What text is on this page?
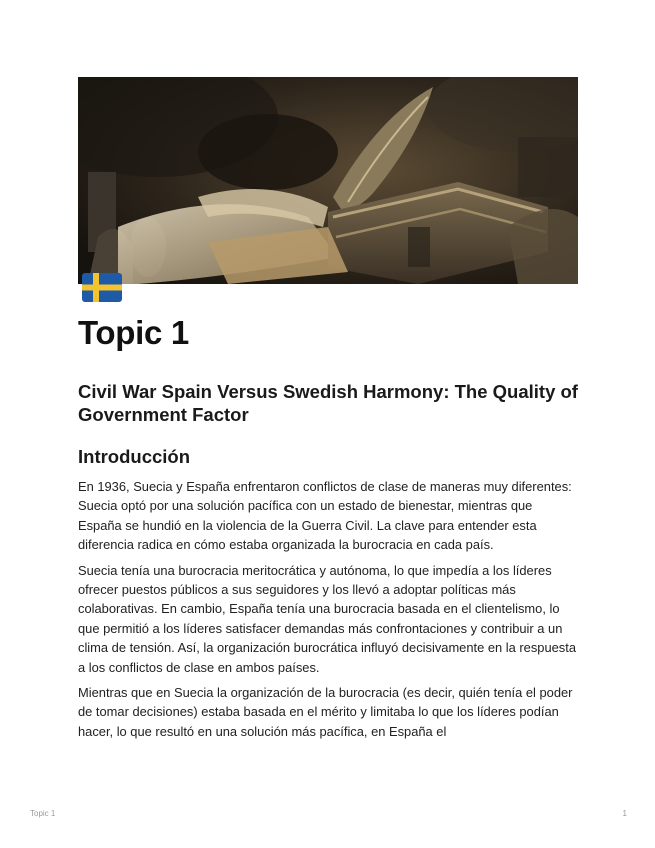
Topic 1
Civil War Spain Versus Swedish Harmony: The Quality of Government Factor
Introducción

En 1936, Suecia y España enfrentaron conflictos de clase de maneras muy diferentes: Suecia optó por una solución pacífica con un estado de bienestar, mientras que España se hundió en la violencia de la Guerra Civil. La clave para entender esta diferencia radica en cómo estaba organizada la burocracia en cada país.

Suecia tenía una burocracia meritocrática y autónoma, lo que impedía a los líderes ofrecer puestos públicos a sus seguidores y los llevó a adoptar políticas más colaborativas. En cambio, España tenía una burocracia basada en el clientelismo, lo que permitió a los líderes satisfacer demandas más confrontaciones y contribuir a un clima de tensión. Así, la organización burocrática influyó decisivamente en la respuesta a los conflictos de clase en ambos países.

Mientras que en Suecia la organización de la burocracia (es decir, quién tenía el poder de tomar decisiones) estaba basada en el mérito y limitaba lo que los líderes podían hacer, lo que resultó en una solución más pacífica, en España el

Topic 1	1
